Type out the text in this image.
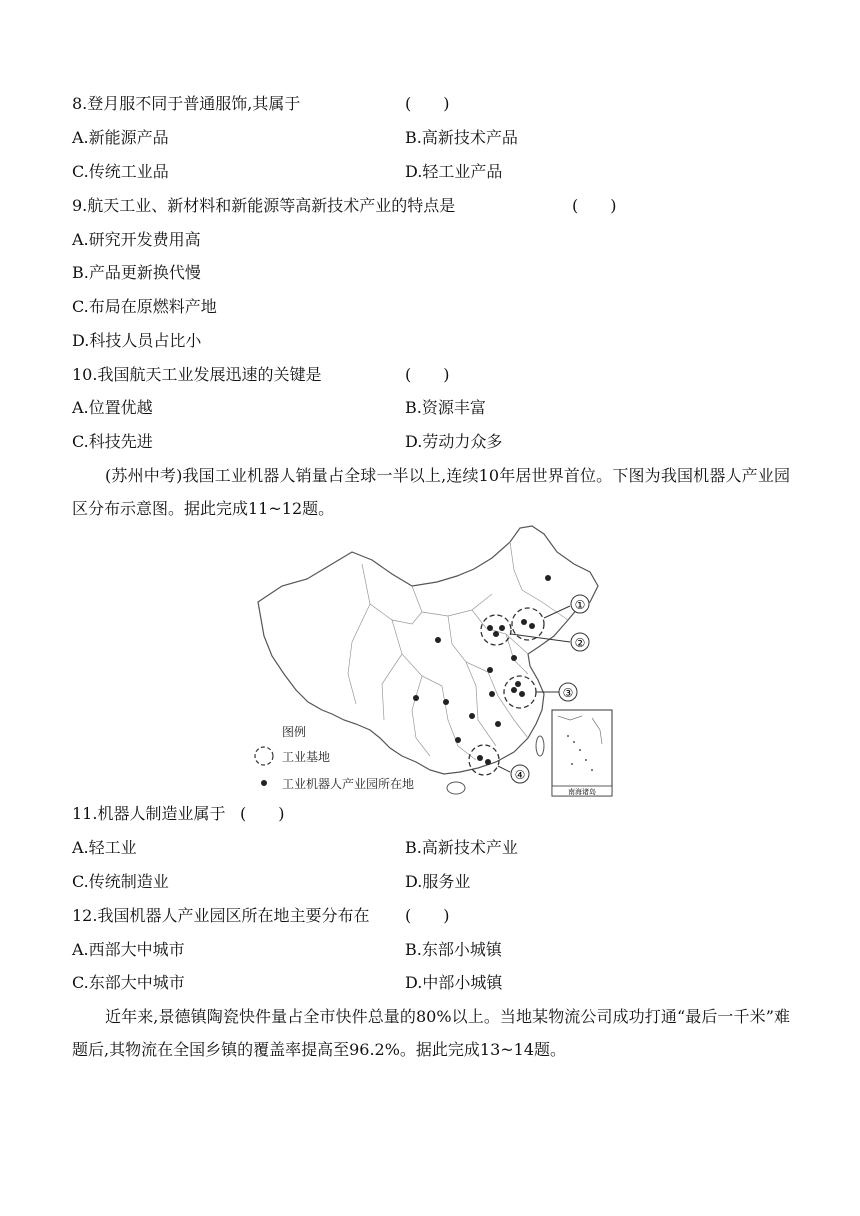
8.登月服不同于普通服饰,其属于	(　　)
A.新能源产品	B.高新技术产品
C.传统工业品	D.轻工业产品
9.航天工业、新材料和新能源等高新技术产业的特点是	(　　)
A.研究开发费用高
B.产品更新换代慢
C.布局在原燃料产地
D.科技人员占比小
10.我国航天工业发展迅速的关键是	(　　)
A.位置优越	B.资源丰富
C.科技先进	D.劳动力众多
(苏州中考)我国工业机器人销量占全球一半以上,连续10年居世界首位。下图为我国机器人产业园区分布示意图。据此完成11~12题。
①
②
③
④
南海诸岛
图例
工业基地
工业机器人产业园所在地
11.机器人制造业属于 (　　)
A.轻工业	B.高新技术产业
C.传统制造业	D.服务业
12.我国机器人产业园区所在地主要分布在 (　　)
A.西部大中城市	B.东部小城镇
C.东部大中城市	D.中部小城镇
近年来,景德镇陶瓷快件量占全市快件总量的80%以上。当地某物流公司成功打通“最后一千米”难题后,其物流在全国乡镇的覆盖率提高至96.2%。据此完成13~14题。
